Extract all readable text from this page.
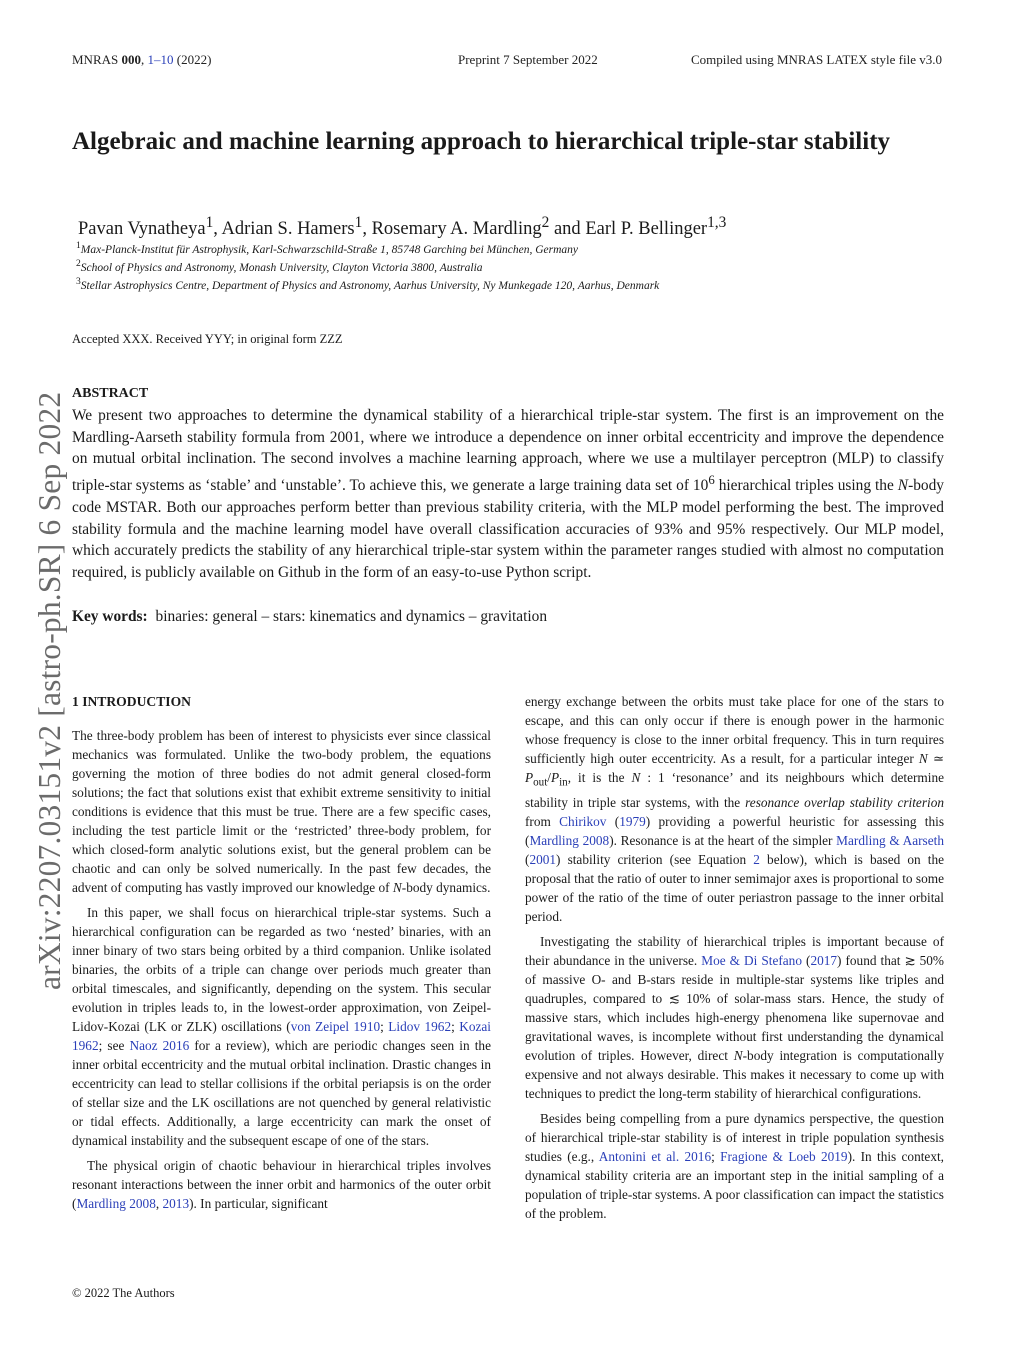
MNRAS 000, 1–10 (2022)	Preprint 7 September 2022	Compiled using MNRAS LATEX style file v3.0
arXiv:2207.03151v2 [astro-ph.SR] 6 Sep 2022
Algebraic and machine learning approach to hierarchical triple-star stability
Pavan Vynatheya$^1$, Adrian S. Hamers$^1$, Rosemary A. Mardling$^2$ and Earl P. Bellinger$^{1,3}$
$^1$Max-Planck-Institut für Astrophysik, Karl-Schwarzschild-Straße 1, 85748 Garching bei München, Germany
$^2$School of Physics and Astronomy, Monash University, Clayton Victoria 3800, Australia
$^3$Stellar Astrophysics Centre, Department of Physics and Astronomy, Aarhus University, Ny Munkegade 120, Aarhus, Denmark
Accepted XXX. Received YYY; in original form ZZZ
ABSTRACT

We present two approaches to determine the dynamical stability of a hierarchical triple-star system. The first is an improvement on the Mardling-Aarseth stability formula from 2001, where we introduce a dependence on inner orbital eccentricity and improve the dependence on mutual orbital inclination. The second involves a machine learning approach, where we use a multilayer perceptron (MLP) to classify triple-star systems as ‘stable’ and ‘unstable’. To achieve this, we generate a large training data set of $10^6$ hierarchical triples using the N-body code MSTAR. Both our approaches perform better than previous stability criteria, with the MLP model performing the best. The improved stability formula and the machine learning model have overall classification accuracies of 93% and 95% respectively. Our MLP model, which accurately predicts the stability of any hierarchical triple-star system within the parameter ranges studied with almost no computation required, is publicly available on Github in the form of an easy-to-use Python script.

Key words: binaries: general – stars: kinematics and dynamics – gravitation

1 INTRODUCTION

The three-body problem has been of interest to physicists ever since classical mechanics was formulated. Unlike the two-body problem, the equations governing the motion of three bodies do not admit general closed-form solutions; the fact that solutions exist that exhibit extreme sensitivity to initial conditions is evidence that this must be true. There are a few specific cases, including the test particle limit or the ‘restricted’ three-body problem, for which closed-form analytic solutions exist, but the general problem can be chaotic and can only be solved numerically. In the past few decades, the advent of computing has vastly improved our knowledge of N-body dynamics.

In this paper, we shall focus on hierarchical triple-star systems. Such a hierarchical configuration can be regarded as two ‘nested’ binaries, with an inner binary of two stars being orbited by a third companion. Unlike isolated binaries, the orbits of a triple can change over periods much greater than orbital timescales, and significantly, depending on the system. This secular evolution in triples leads to, in the lowest-order approximation, von Zeipel-Lidov-Kozai (LK or ZLK) oscillations (von Zeipel 1910; Lidov 1962; Kozai 1962; see Naoz 2016 for a review), which are periodic changes seen in the inner orbital eccentricity and the mutual orbital inclination. Drastic changes in eccentricity can lead to stellar collisions if the orbital periapsis is on the order of stellar size and the LK oscillations are not quenched by general relativistic or tidal effects. Additionally, a large eccentricity can mark the onset of dynamical instability and the subsequent escape of one of the stars.

The physical origin of chaotic behaviour in hierarchical triples involves resonant interactions between the inner orbit and harmonics of the outer orbit (Mardling 2008, 2013). In particular, significant

energy exchange between the orbits must take place for one of the stars to escape, and this can only occur if there is enough power in the harmonic whose frequency is close to the inner orbital frequency. This in turn requires sufficiently high outer eccentricity. As a result, for a particular integer N ≃ $P_{out}/P_{in}$, it is the N : 1 ‘resonance’ and its neighbours which determine stability in triple star systems, with the resonance overlap stability criterion from Chirikov (1979) providing a powerful heuristic for assessing this (Mardling 2008). Resonance is at the heart of the simpler Mardling & Aarseth (2001) stability criterion (see Equation 2 below), which is based on the proposal that the ratio of outer to inner semimajor axes is proportional to some power of the ratio of the time of outer periastron passage to the inner orbital period.

Investigating the stability of hierarchical triples is important because of their abundance in the universe. Moe & Di Stefano (2017) found that ≳ 50% of massive O- and B-stars reside in multiple-star systems like triples and quadruples, compared to ≲ 10% of solar-mass stars. Hence, the study of massive stars, which includes high-energy phenomena like supernovae and gravitational waves, is incomplete without first understanding the dynamical evolution of triples. However, direct N-body integration is computationally expensive and not always desirable. This makes it necessary to come up with techniques to predict the long-term stability of hierarchical configurations.

Besides being compelling from a pure dynamics perspective, the question of hierarchical triple-star stability is of interest in triple population synthesis studies (e.g., Antonini et al. 2016; Fragione & Loeb 2019). In this context, dynamical stability criteria are an important step in the initial sampling of a population of triple-star systems. A poor classification can impact the statistics of the problem.

© 2022 The Authors
